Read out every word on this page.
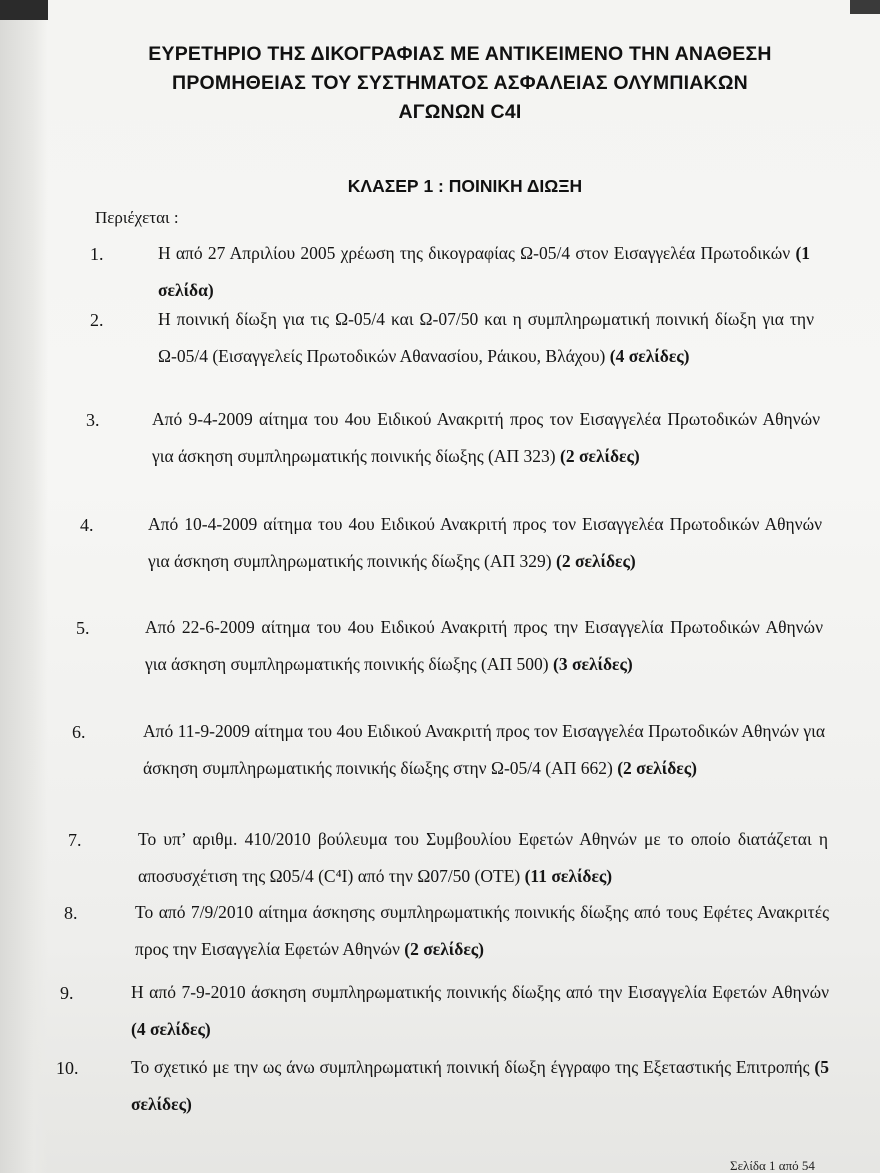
ΕΥΡΕΤΗΡΙΟ ΤΗΣ ΔΙΚΟΓΡΑΦΙΑΣ ΜΕ ΑΝΤΙΚΕΙΜΕΝΟ ΤΗΝ ΑΝΑΘΕΣΗ
ΠΡΟΜΗΘΕΙΑΣ ΤΟΥ ΣΥΣΤΗΜΑΤΟΣ ΑΣΦΑΛΕΙΑΣ ΟΛΥΜΠΙΑΚΩΝ
ΑΓΩΝΩΝ C4I
ΚΛΑΣΕΡ 1 : ΠΟΙΝΙΚΗ ΔΙΩΞΗ
Περιέχεται :
1.	Η από 27 Απριλίου 2005 χρέωση της δικογραφίας Ω-05/4 στον Εισαγγελέα Πρωτοδικών (1 σελίδα)
2.	Η ποινική δίωξη για τις Ω-05/4 και Ω-07/50 και η συμπληρωματική ποινική δίωξη για την Ω-05/4 (Εισαγγελείς Πρωτοδικών Αθανασίου, Ράικου, Βλάχου) (4 σελίδες)
3.	Από 9-4-2009 αίτημα του 4ου Ειδικού Ανακριτή προς τον Εισαγγελέα Πρωτοδικών Αθηνών για άσκηση συμπληρωματικής ποινικής δίωξης (ΑΠ 323) (2 σελίδες)
4.	Από 10-4-2009 αίτημα του 4ου Ειδικού Ανακριτή προς τον Εισαγγελέα Πρωτοδικών Αθηνών για άσκηση συμπληρωματικής ποινικής δίωξης (ΑΠ 329) (2 σελίδες)
5.	Από 22-6-2009 αίτημα του 4ου Ειδικού Ανακριτή προς την Εισαγγελία Πρωτοδικών Αθηνών για άσκηση συμπληρωματικής ποινικής δίωξης (ΑΠ 500) (3 σελίδες)
6.	Από 11-9-2009 αίτημα του 4ου Ειδικού Ανακριτή προς τον Εισαγγελέα Πρωτοδικών Αθηνών για άσκηση συμπληρωματικής ποινικής δίωξης στην Ω-05/4 (ΑΠ 662) (2 σελίδες)
7.	Το υπ’ αριθμ. 410/2010 βούλευμα του Συμβουλίου Εφετών Αθηνών με το οποίο διατάζεται η αποσυσχέτιση της Ω05/4 (C⁴I) από την Ω07/50 (ΟΤΕ) (11 σελίδες)
8.	Το από 7/9/2010 αίτημα άσκησης συμπληρωματικής ποινικής δίωξης από τους Εφέτες Ανακριτές προς την Εισαγγελία Εφετών Αθηνών (2 σελίδες)
9.	Η από 7-9-2010 άσκηση συμπληρωματικής ποινικής δίωξης από την Εισαγγελία Εφετών Αθηνών (4 σελίδες)
10.	Το σχετικό με την ως άνω συμπληρωματική ποινική δίωξη έγγραφο της Εξεταστικής Επιτροπής (5 σελίδες)
Σελίδα 1 από 54
